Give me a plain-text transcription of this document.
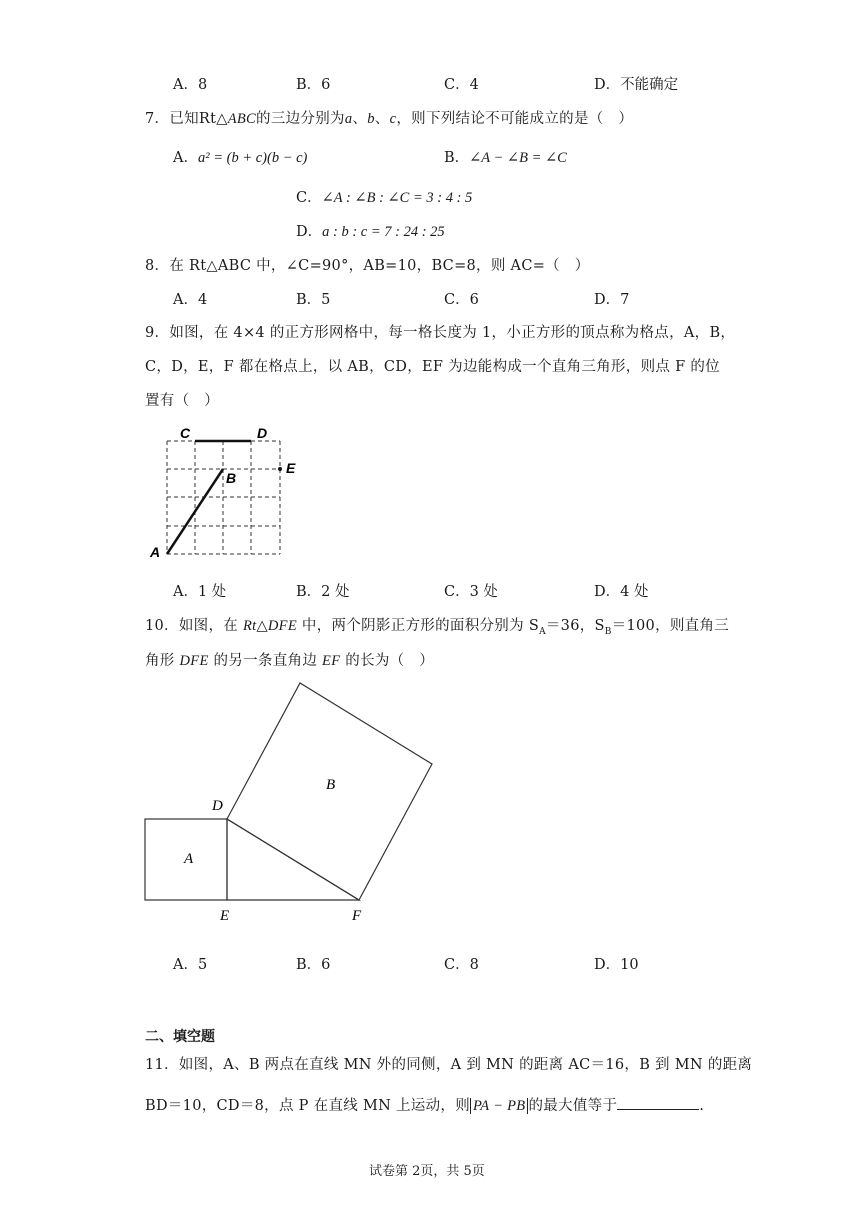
A．8	B．6	C．4	D．不能确定
7．已知Rt△ABC的三边分别为a、b、c，则下列结论不可能成立的是（　）
A．a² = (b + c)(b − c)	B．∠A − ∠B = ∠C
C．∠A : ∠B : ∠C = 3 : 4 : 5
D．a : b : c = 7 : 24 : 25
8．在 Rt△ABC 中，∠C=90°，AB=10，BC=8，则 AC=（　）
A．4	B．5	C．6	D．7
9．如图，在 4×4 的正方形网格中，每一格长度为 1，小正方形的顶点称为格点，A，B，
C，D，E，F 都在格点上，以 AB，CD，EF 为边能构成一个直角三角形，则点 F 的位
置有（　）
C	D
E
B
A
A．1 处	B．2 处	C．3 处	D．4 处
10．如图，在 Rt△DFE 中，两个阴影正方形的面积分别为 $S_A=36$，$S_B=100$，则直角三
角形 DFE 的另一条直角边 EF 的长为（　）
A
B
D
E	F
A．5	B．6	C．8	D．10
二、填空题
11．如图，A、B 两点在直线 MN 外的同侧，A 到 MN 的距离 AC＝16，B 到 MN 的距离
BD＝10，CD＝8，点 P 在直线 MN 上运动，则 PA − PB 的最大值等于	.
试卷第 2页，共 5页
